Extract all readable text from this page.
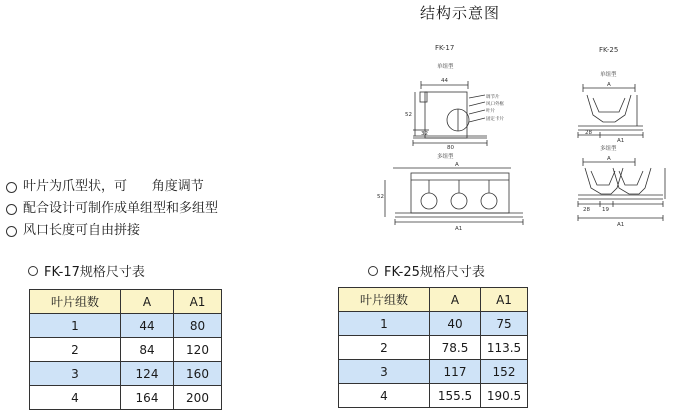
结构示意图
叶片为爪型状，可      角度调节
配合设计可制作成单组型和多组型
风口长度可自由拼接
FK-17规格尺寸表
叶片组数	A	A1
1	44	80
2	84	120
3	124	160
4	164	200
FK-25规格尺寸表
叶片组数	A	A1
1	40	75
2	78.5	113.5
3	117	152
4	155.5	190.5
FK-17
单组型
44
52
32
80
调节片
风口外框
叶片
固定卡片
多组型
A
52
A1
FK-25
单组型
A
28
A1
多组型
A
28 19
A1
